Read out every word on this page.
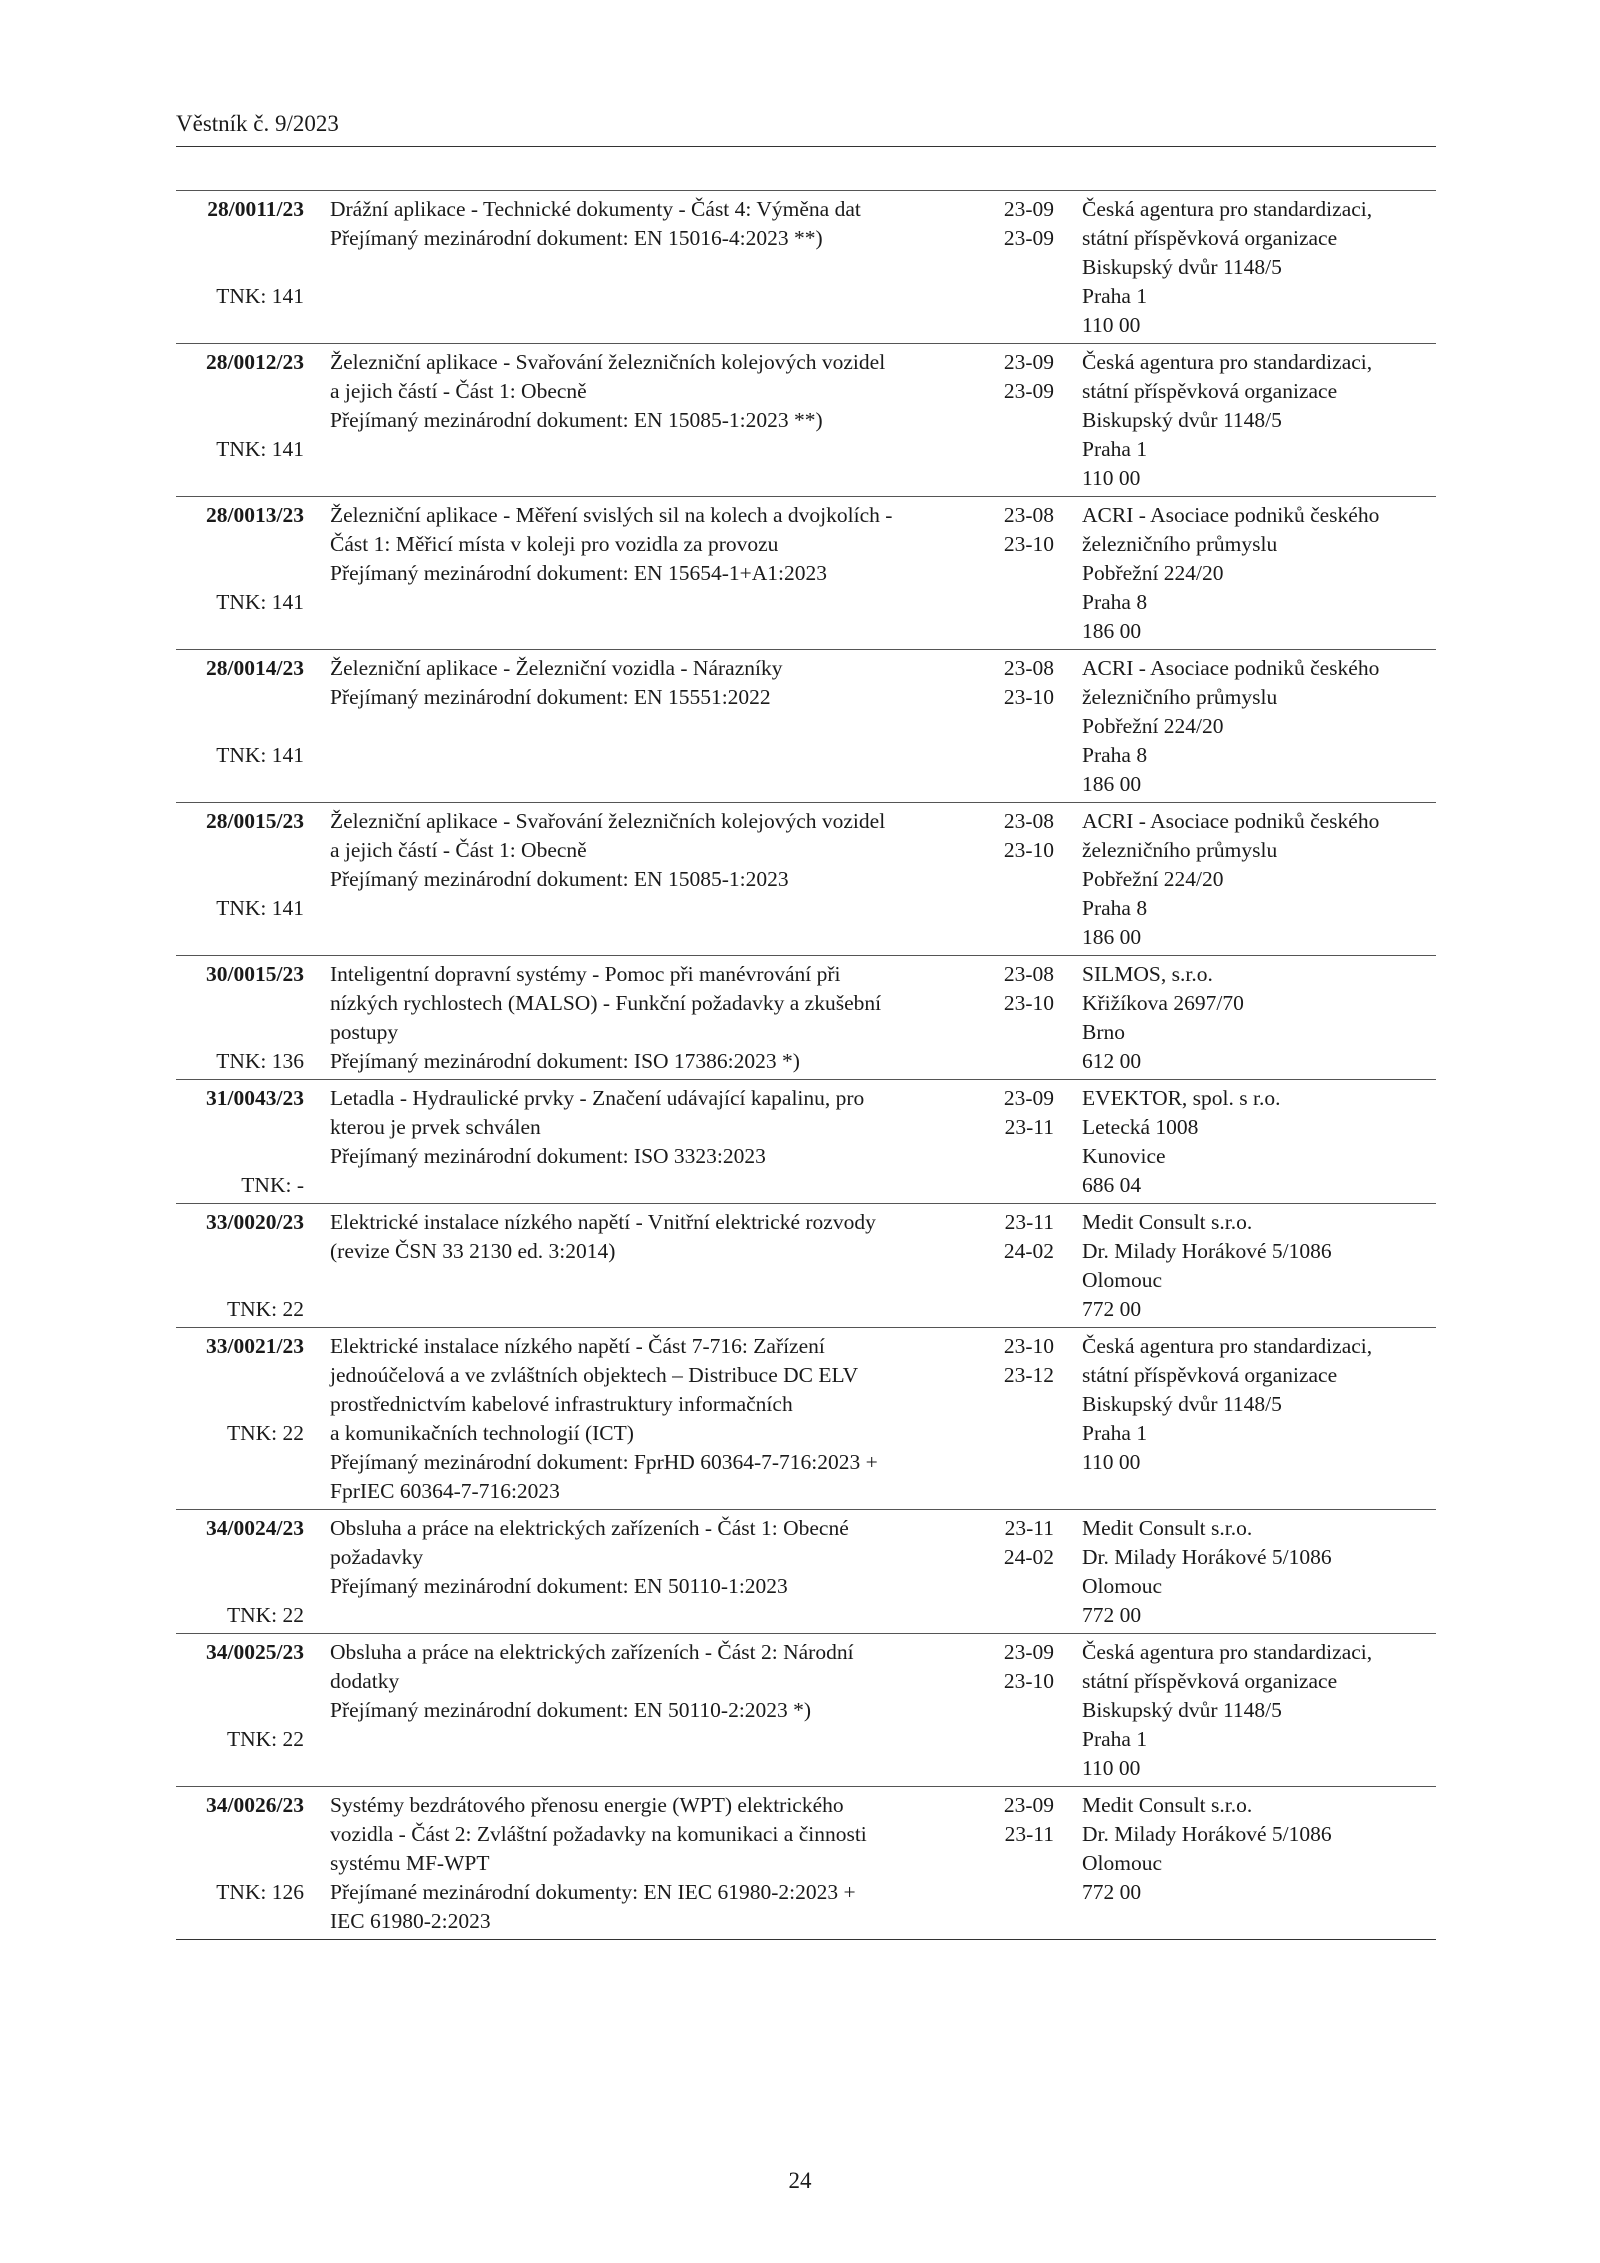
Věstník č. 9/2023
28/0011/23
TNK: 141
Drážní aplikace - Technické dokumenty - Část 4: Výměna dat
Přejímaný mezinárodní dokument: EN 15016-4:2023 **)
23-09
23-09
Česká agentura pro standardizaci,
státní příspěvková organizace
Biskupský dvůr 1148/5
Praha 1
110 00
28/0012/23
TNK: 141
Železniční aplikace - Svařování železničních kolejových vozidel
a jejich částí - Část 1: Obecně
Přejímaný mezinárodní dokument: EN 15085-1:2023 **)
23-09
23-09
Česká agentura pro standardizaci,
státní příspěvková organizace
Biskupský dvůr 1148/5
Praha 1
110 00
28/0013/23
TNK: 141
Železniční aplikace - Měření svislých sil na kolech a dvojkolích -
Část 1: Měřicí místa v koleji pro vozidla za provozu
Přejímaný mezinárodní dokument: EN 15654-1+A1:2023
23-08
23-10
ACRI - Asociace podniků českého
železničního průmyslu
Pobřežní 224/20
Praha 8
186 00
28/0014/23
TNK: 141
Železniční aplikace - Železniční vozidla - Nárazníky
Přejímaný mezinárodní dokument: EN 15551:2022
23-08
23-10
ACRI - Asociace podniků českého
železničního průmyslu
Pobřežní 224/20
Praha 8
186 00
28/0015/23
TNK: 141
Železniční aplikace - Svařování železničních kolejových vozidel
a jejich částí - Část 1: Obecně
Přejímaný mezinárodní dokument: EN 15085-1:2023
23-08
23-10
ACRI - Asociace podniků českého
železničního průmyslu
Pobřežní 224/20
Praha 8
186 00
30/0015/23
TNK: 136
Inteligentní dopravní systémy - Pomoc při manévrování při
nízkých rychlostech (MALSO) - Funkční požadavky a zkušební
postupy
Přejímaný mezinárodní dokument: ISO 17386:2023 *)
23-08
23-10
SILMOS, s.r.o.
Křižíkova 2697/70
Brno
612 00
31/0043/23
TNK: -
Letadla - Hydraulické prvky - Značení udávající kapalinu, pro
kterou je prvek schválen
Přejímaný mezinárodní dokument: ISO 3323:2023
23-09
23-11
EVEKTOR, spol. s r.o.
Letecká 1008
Kunovice
686 04
33/0020/23
TNK: 22
Elektrické instalace nízkého napětí - Vnitřní elektrické rozvody
(revize ČSN 33 2130 ed. 3:2014)
23-11
24-02
Medit Consult s.r.o.
Dr. Milady Horákové 5/1086
Olomouc
772 00
33/0021/23
TNK: 22
Elektrické instalace nízkého napětí - Část 7-716: Zařízení
jednoúčelová a ve zvláštních objektech – Distribuce DC ELV
prostřednictvím kabelové infrastruktury informačních
a komunikačních technologií (ICT)
Přejímaný mezinárodní dokument: FprHD 60364-7-716:2023 +
FprIEC 60364-7-716:2023
23-10
23-12
Česká agentura pro standardizaci,
státní příspěvková organizace
Biskupský dvůr 1148/5
Praha 1
110 00
34/0024/23
TNK: 22
Obsluha a práce na elektrických zařízeních - Část 1: Obecné
požadavky
Přejímaný mezinárodní dokument: EN 50110-1:2023
23-11
24-02
Medit Consult s.r.o.
Dr. Milady Horákové 5/1086
Olomouc
772 00
34/0025/23
TNK: 22
Obsluha a práce na elektrických zařízeních - Část 2: Národní
dodatky
Přejímaný mezinárodní dokument: EN 50110-2:2023 *)
23-09
23-10
Česká agentura pro standardizaci,
státní příspěvková organizace
Biskupský dvůr 1148/5
Praha 1
110 00
34/0026/23
TNK: 126
Systémy bezdrátového přenosu energie (WPT) elektrického
vozidla - Část 2: Zvláštní požadavky na komunikaci a činnosti
systému MF-WPT
Přejímané mezinárodní dokumenty: EN IEC 61980-2:2023 +
IEC 61980-2:2023
23-09
23-11
Medit Consult s.r.o.
Dr. Milady Horákové 5/1086
Olomouc
772 00
24
